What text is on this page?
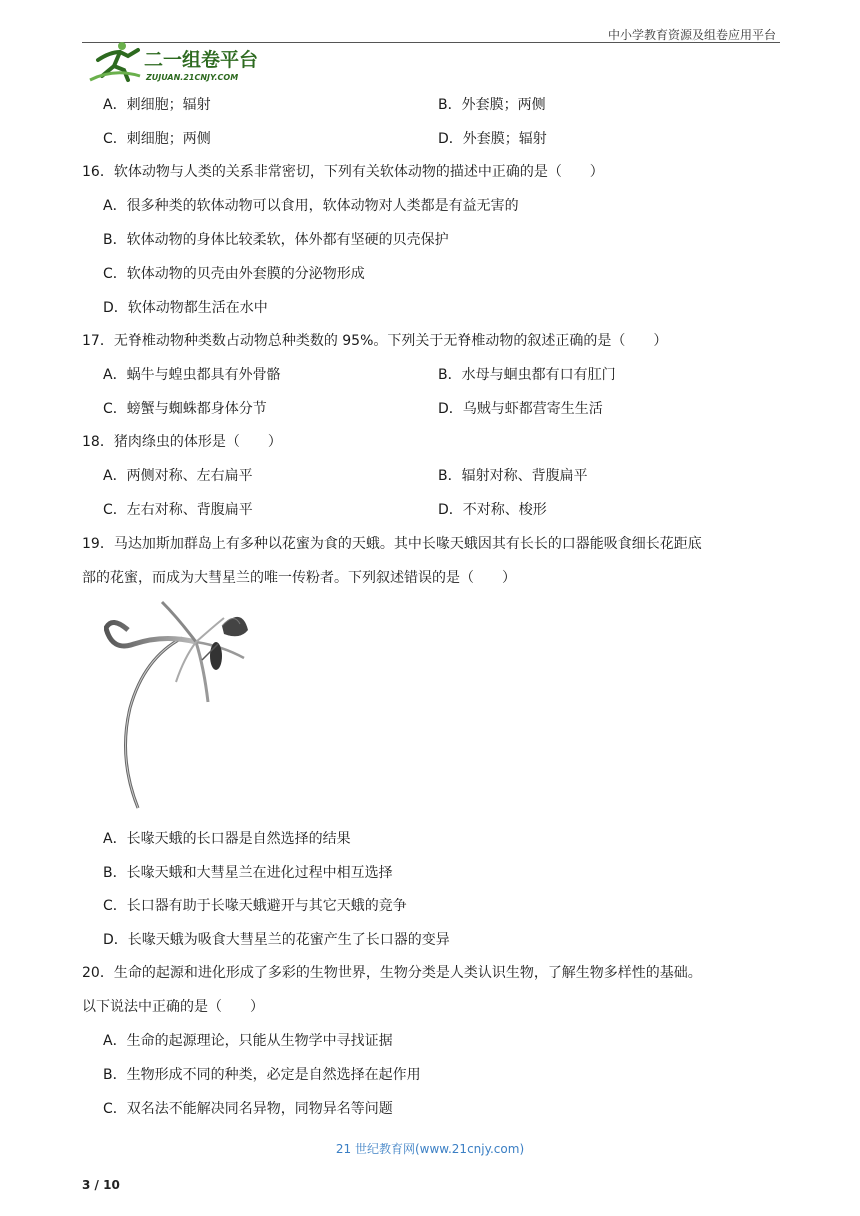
中小学教育资源及组卷应用平台
二一组卷平台
ZUJUAN.21CNJY.COM
A．刺细胞；辐射	B．外套膜；两侧
C．刺细胞；两侧	D．外套膜；辐射
16．软体动物与人类的关系非常密切，下列有关软体动物的描述中正确的是（　　）
A．很多种类的软体动物可以食用，软体动物对人类都是有益无害的
B．软体动物的身体比较柔软，体外都有坚硬的贝壳保护
C．软体动物的贝壳由外套膜的分泌物形成
D．软体动物都生活在水中
17．无脊椎动物种类数占动物总种类数的 95%。下列关于无脊椎动物的叙述正确的是（　　）
A．蜗牛与蝗虫都具有外骨骼	B．水母与蛔虫都有口有肛门
C．螃蟹与蜘蛛都身体分节	D．乌贼与虾都营寄生生活
18．猪肉绦虫的体形是（　　）
A．两侧对称、左右扁平	B．辐射对称、背腹扁平
C．左右对称、背腹扁平	D．不对称、梭形
19．马达加斯加群岛上有多种以花蜜为食的天蛾。其中长喙天蛾因其有长长的口器能吸食细长花距底
部的花蜜，而成为大彗星兰的唯一传粉者。下列叙述错误的是（　　）
A．长喙天蛾的长口器是自然选择的结果
B．长喙天蛾和大彗星兰在进化过程中相互选择
C．长口器有助于长喙天蛾避开与其它天蛾的竞争
D．长喙天蛾为吸食大彗星兰的花蜜产生了长口器的变异
20．生命的起源和进化形成了多彩的生物世界，生物分类是人类认识生物，了解生物多样性的基础。
以下说法中正确的是（　　）
A．生命的起源理论，只能从生物学中寻找证据
B．生物形成不同的种类，必定是自然选择在起作用
C．双名法不能解决同名异物，同物异名等问题
21 世纪教育网(www.21cnjy.com)
3 / 10
